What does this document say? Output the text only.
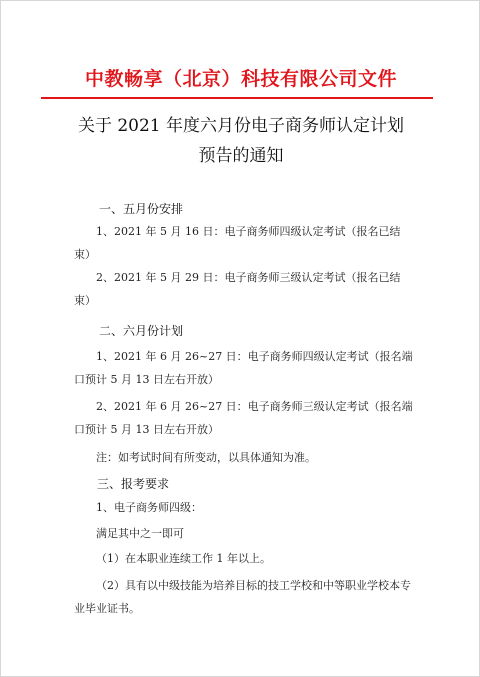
中教畅享（北京）科技有限公司文件
关于 2021 年度六月份电子商务师认定计划
预告的通知
一、五月份安排
1、2021 年 5 月 16 日：电子商务师四级认定考试（报名已结束）
2、2021 年 5 月 29 日：电子商务师三级认定考试（报名已结束）
二、六月份计划
1、2021 年 6 月 26~27 日：电子商务师四级认定考试（报名端口预计 5 月 13 日左右开放）
2、2021 年 6 月 26~27 日：电子商务师三级认定考试（报名端口预计 5 月 13 日左右开放）
注：如考试时间有所变动，以具体通知为准。
三、报考要求
1、电子商务师四级：
满足其中之一即可
（1）在本职业连续工作 1 年以上。
（2）具有以中级技能为培养目标的技工学校和中等职业学校本专业毕业证书。
